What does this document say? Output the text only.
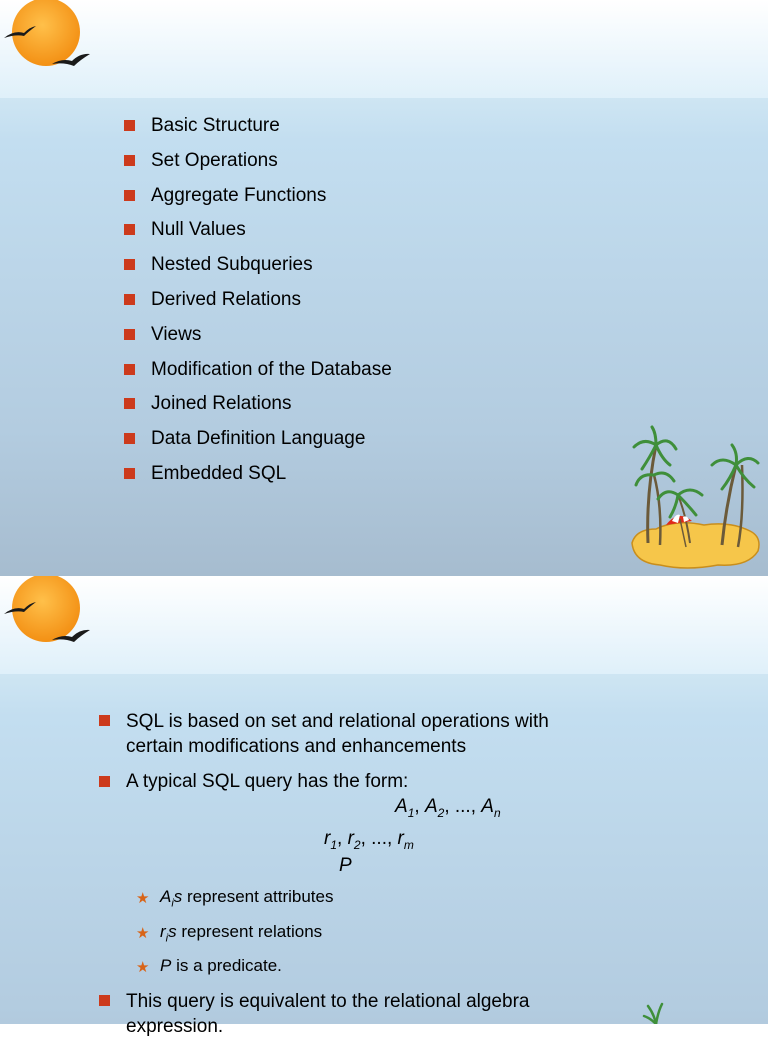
Basic Structure
Set Operations
Aggregate Functions
Null Values
Nested Subqueries
Derived Relations
Views
Modification of the Database
Joined Relations
Data Definition Language
Embedded SQL
SQL is based on set and relational operations with
certain modifications and enhancements
A typical SQL query has the form:
$A_1$, $A_2$, ..., $A_n$
$r_1$, $r_2$, ..., $r_m$
P
★ $A_is$ represent attributes
★ $r_is$ represent relations
★ P is a predicate.
This query is equivalent to the relational algebra
expression.
